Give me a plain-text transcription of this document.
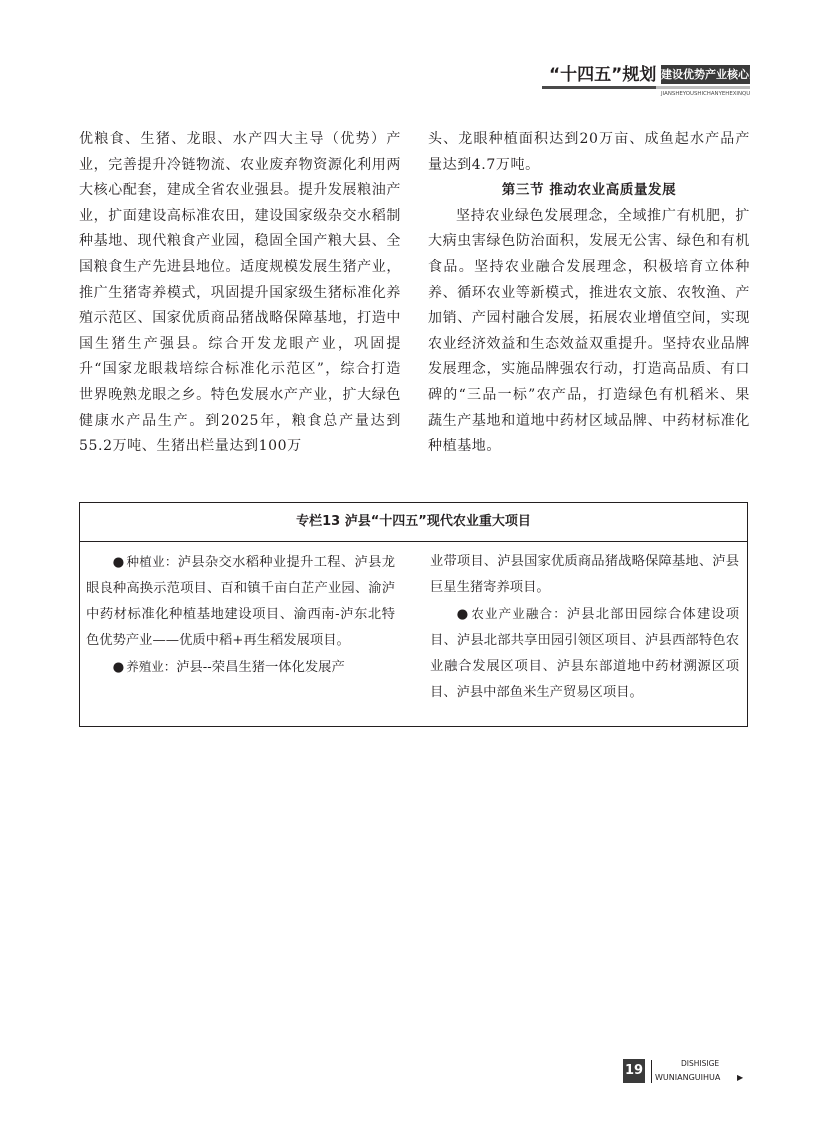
“十四五”规划 建设优势产业核心区
JIANSHEYOUSHICHANYEHEXINQU

优粮食、生猪、龙眼、水产四大主导（优势）产业，完善提升冷链物流、农业废弃物资源化利用两大核心配套，建成全省农业强县。提升发展粮油产业，扩面建设高标准农田，建设国家级杂交水稻制种基地、现代粮食产业园，稳固全国产粮大县、全国粮食生产先进县地位。适度规模发展生猪产业，推广生猪寄养模式，巩固提升国家级生猪标准化养殖示范区、国家优质商品猪战略保障基地，打造中国生猪生产强县。综合开发龙眼产业，巩固提升“国家龙眼栽培综合标准化示范区”，综合打造世界晚熟龙眼之乡。特色发展水产产业，扩大绿色健康水产品生产。到2025年，粮食总产量达到55.2万吨、生猪出栏量达到100万

头、龙眼种植面积达到20万亩、成鱼起水产品产量达到4.7万吨。

第三节 推动农业高质量发展

坚持农业绿色发展理念，全域推广有机肥，扩大病虫害绿色防治面积，发展无公害、绿色和有机食品。坚持农业融合发展理念，积极培育立体种养、循环农业等新模式，推进农文旅、农牧渔、产加销、产园村融合发展，拓展农业增值空间，实现农业经济效益和生态效益双重提升。坚持农业品牌发展理念，实施品牌强农行动，打造高品质、有口碑的“三品一标”农产品，打造绿色有机稻米、果蔬生产基地和道地中药材区域品牌、中药材标准化种植基地。

专栏13 泸县“十四五”现代农业重大项目

● 种植业：泸县杂交水稻种业提升工程、泸县龙眼良种高换示范项目、百和镇千亩白芷产业园、渝泸中药材标准化种植基地建设项目、渝西南-泸东北特色优势产业——优质中稻+再生稻发展项目。

● 养殖业：泸县--荣昌生猪一体化发展产

业带项目、泸县国家优质商品猪战略保障基地、泸县巨星生猪寄养项目。

● 农业产业融合：泸县北部田园综合体建设项目、泸县北部共享田园引领区项目、泸县西部特色农业融合发展区项目、泸县东部道地中药材溯源区项目、泸县中部鱼米生产贸易区项目。

19	DISHISIGE
WUNIANGUIHUA ▶
